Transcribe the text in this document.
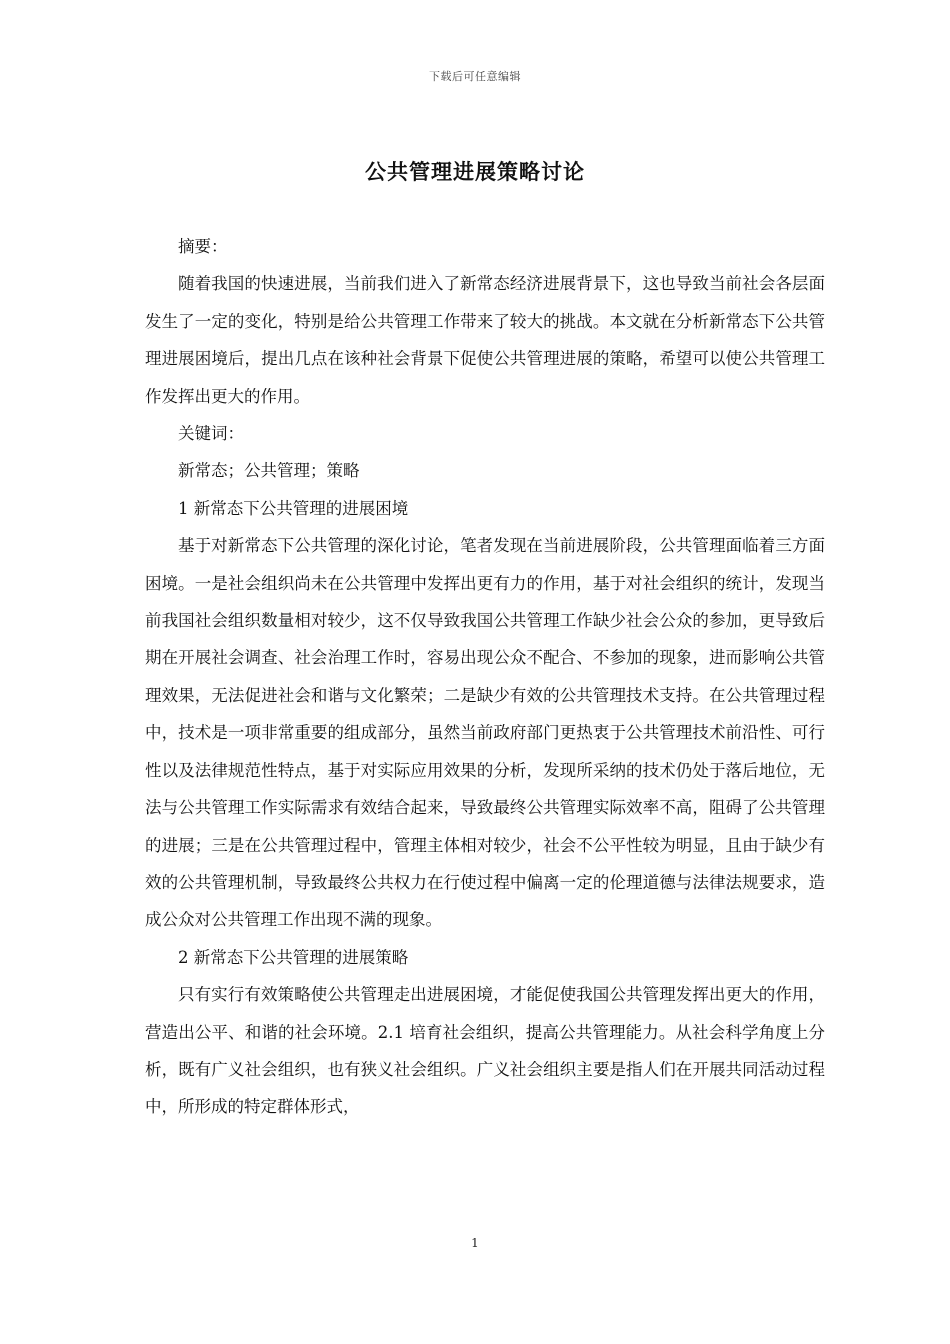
下载后可任意编辑
公共管理进展策略讨论

摘要：

随着我国的快速进展，当前我们进入了新常态经济进展背景下，这也导致当前社会各层面发生了一定的变化，特别是给公共管理工作带来了较大的挑战。本文就在分析新常态下公共管理进展困境后，提出几点在该种社会背景下促使公共管理进展的策略，希望可以使公共管理工作发挥出更大的作用。

关键词：

新常态；公共管理；策略

1 新常态下公共管理的进展困境

基于对新常态下公共管理的深化讨论，笔者发现在当前进展阶段，公共管理面临着三方面困境。一是社会组织尚未在公共管理中发挥出更有力的作用，基于对社会组织的统计，发现当前我国社会组织数量相对较少，这不仅导致我国公共管理工作缺少社会公众的参加，更导致后期在开展社会调查、社会治理工作时，容易出现公众不配合、不参加的现象，进而影响公共管理效果，无法促进社会和谐与文化繁荣；二是缺少有效的公共管理技术支持。在公共管理过程中，技术是一项非常重要的组成部分，虽然当前政府部门更热衷于公共管理技术前沿性、可行性以及法律规范性特点，基于对实际应用效果的分析，发现所采纳的技术仍处于落后地位，无法与公共管理工作实际需求有效结合起来，导致最终公共管理实际效率不高，阻碍了公共管理的进展；三是在公共管理过程中，管理主体相对较少，社会不公平性较为明显，且由于缺少有效的公共管理机制，导致最终公共权力在行使过程中偏离一定的伦理道德与法律法规要求，造成公众对公共管理工作出现不满的现象。

2 新常态下公共管理的进展策略

只有实行有效策略使公共管理走出进展困境，才能促使我国公共管理发挥出更大的作用，营造出公平、和谐的社会环境。2.1 培育社会组织，提高公共管理能力。从社会科学角度上分析，既有广义社会组织，也有狭义社会组织。广义社会组织主要是指人们在开展共同活动过程中，所形成的特定群体形式，

1
